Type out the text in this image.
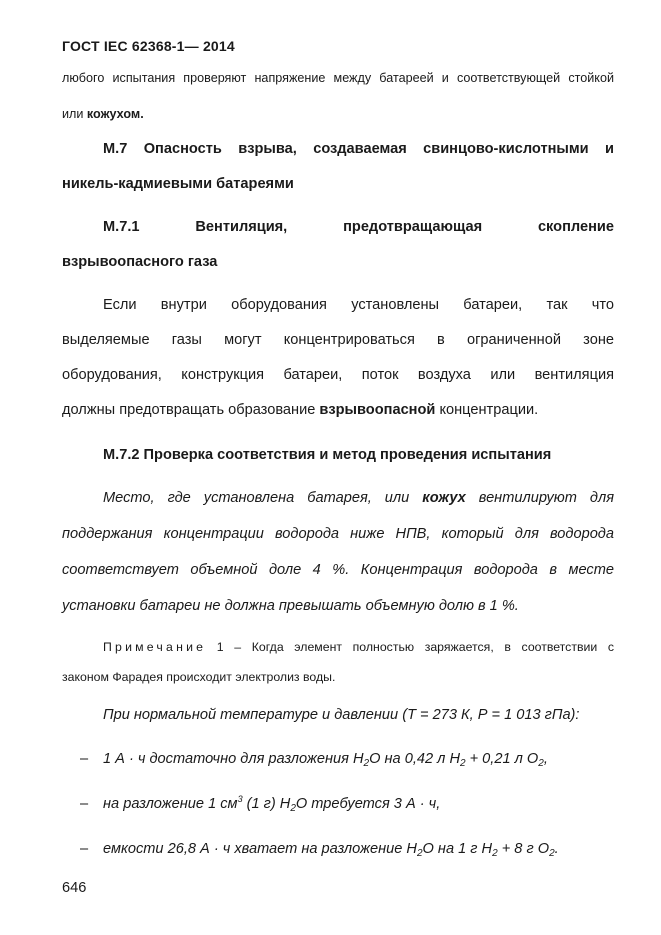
ГОСТ IEC 62368-1— 2014
любого испытания проверяют напряжение между батареей и соответствующей стойкой
или кожухом.
М.7 Опасность взрыва, создаваемая свинцово-кислотными и
никель-кадмиевыми батареями
М.7.1 Вентиляция, предотвращающая скопление
взрывоопасного газа
Если внутри оборудования установлены батареи, так что
выделяемые газы могут концентрироваться в ограниченной зоне
оборудования, конструкция батареи, поток воздуха или вентиляция
должны предотвращать образование взрывоопасной концентрации.
М.7.2 Проверка соответствия и метод проведения испытания
Место, где установлена батарея, или кожух вентилируют для
поддержания концентрации водорода ниже НПВ, который для водорода
соответствует объемной доле 4 %. Концентрация водорода в месте
установки батареи не должна превышать объемную долю в 1 %.
Примечание 1 – Когда элемент полностью заряжается, в соответствии с
законом Фарадея происходит электролиз воды.
При нормальной температуре и давлении (Т = 273 К, Р = 1 013 гПа):
– 1 А · ч достаточно для разложения $H_2O$ на 0,42 л $H_2 + 0,21$ л $O_2$,
– на разложение 1 $см^3$ (1 г) $H_2O$ требуется 3 А · ч,
– емкости 26,8 А · ч хватает на разложение $H_2O$ на 1 г $H_2 + 8$ г $O_2$.
646
